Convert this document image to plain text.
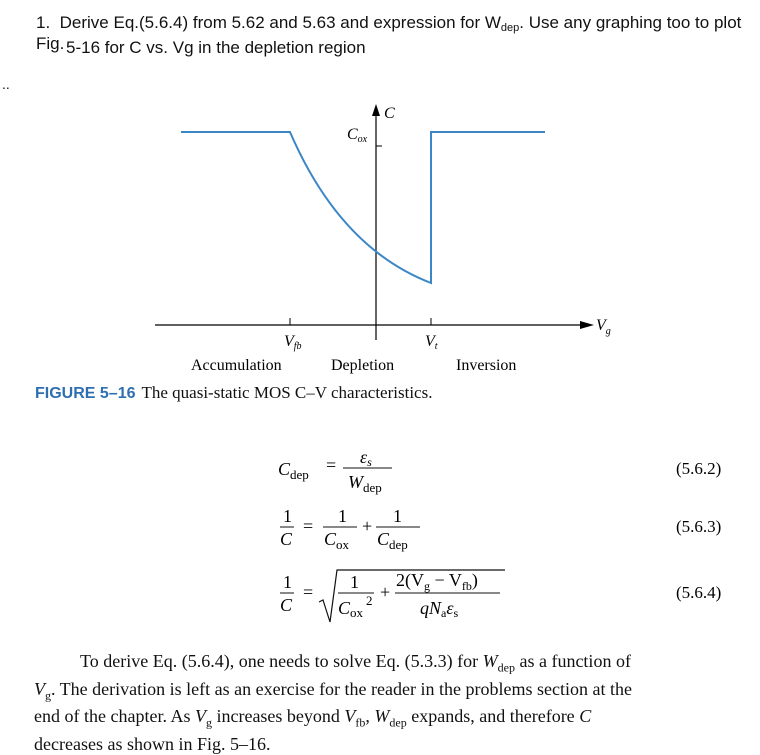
1. Derive Eq.(5.6.4) from 5.62 and 5.63 and expression for $W_{dep}$. Use any graphing too to plot Fig. 5-16 for C vs. Vg in the depletion region
..
C
Cox
$V_g$
Vfb	Vt
Accumulation	Depletion	Inversion
FIGURE 5–16 The quasi-static MOS C–V characteristics.
$C_{dep} = \varepsilon s$
$W_{dep}$
(5.6.2)
1
C
= 1
$C_{ox}$
+ 1
$C_{dep}$
(5.6.3)
1
C
= 1
Cox
2 +
$2(V_g - V_{fb})$
qNaεs
(5.6.4)
To derive Eq. (5.6.4), one needs to solve Eq. (5.3.3) for $W_{dep}$ as a function of
$V_g$. The derivation is left as an exercise for the reader in the problems section at the
end of the chapter. As $V_g$ increases beyond $V_{fb}$, $W_{dep}$ expands, and therefore C
decreases as shown in Fig. 5–16.
